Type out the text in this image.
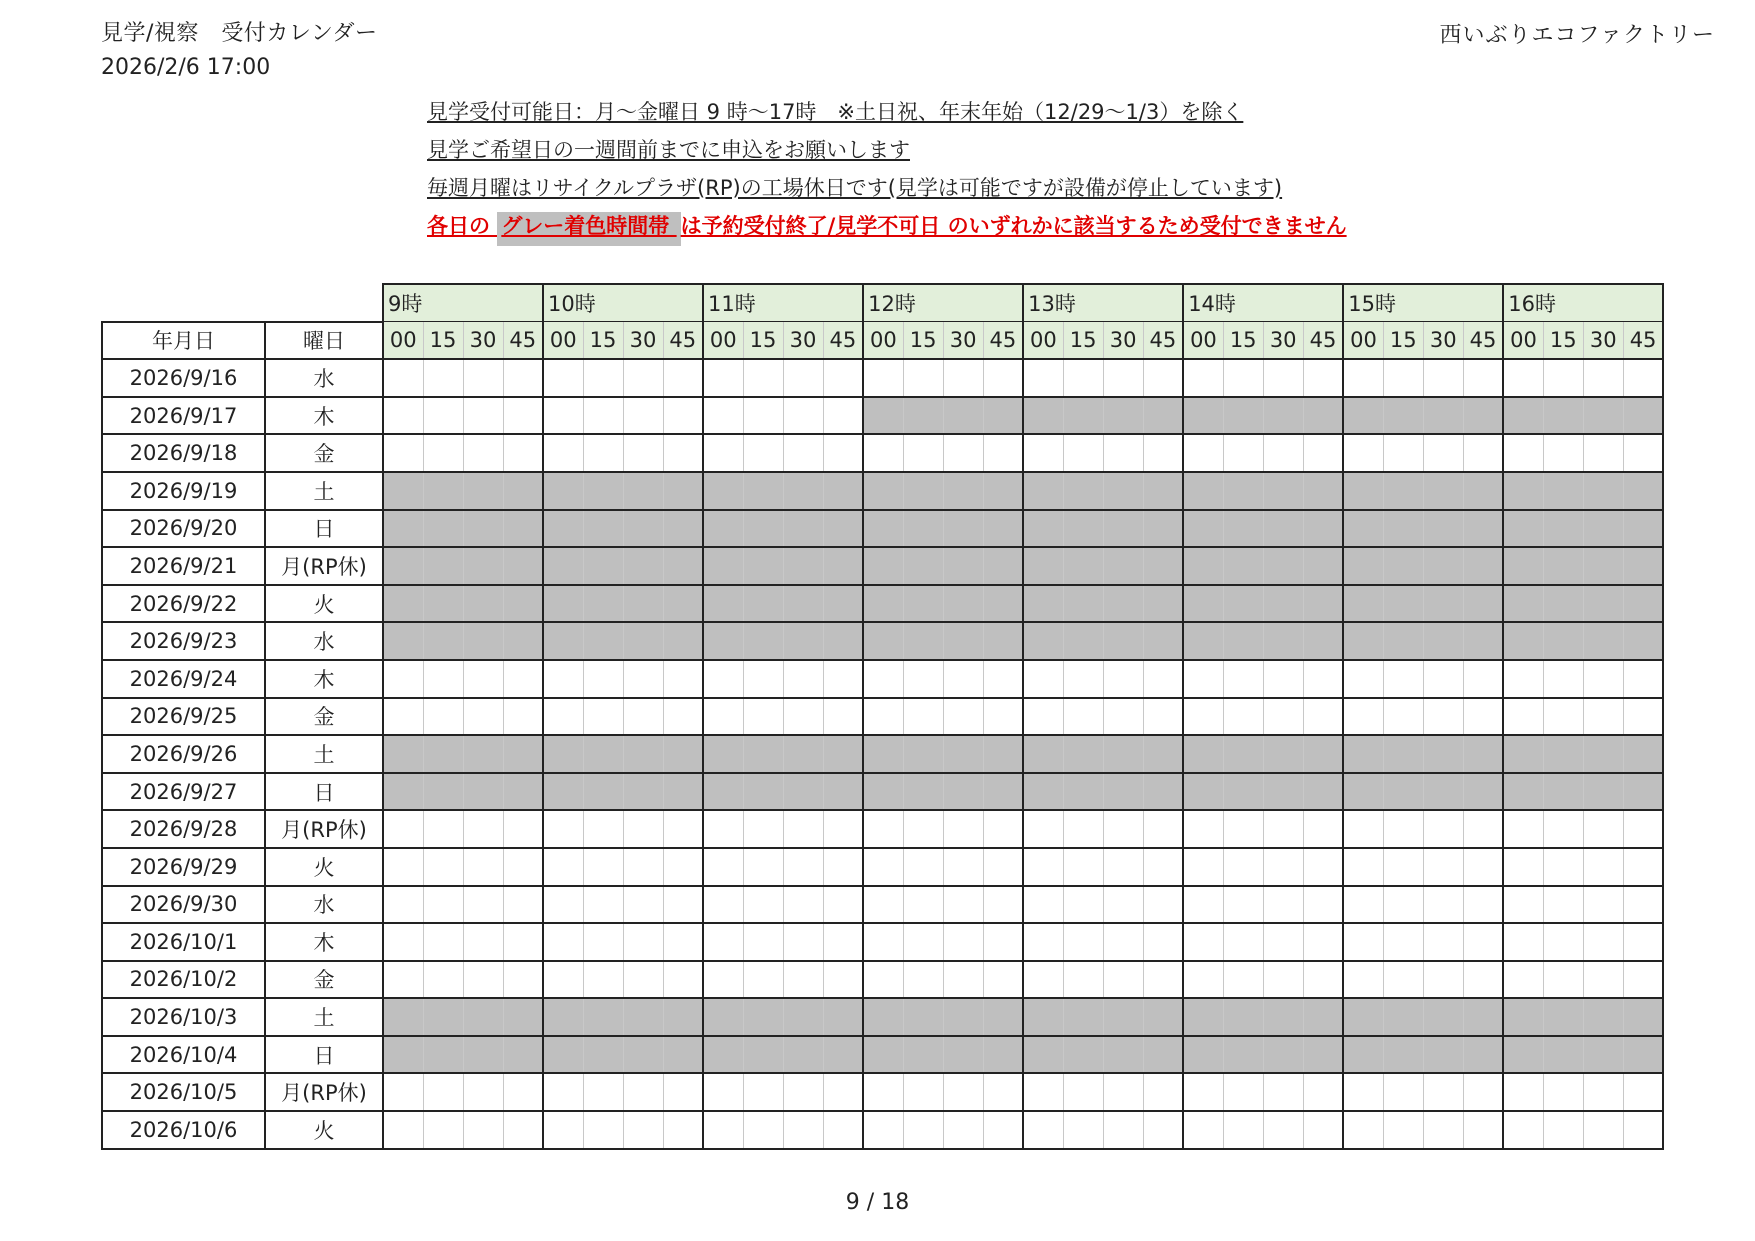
見学/視察　受付カレンダー
2026/2/6 17:00
西いぶりエコファクトリー
見学受付可能日：月～金曜日 9 時～17時　※土日祝、年末年始（12/29～1/3）を除く
見学ご希望日の一週間前までに申込をお願いします
毎週月曜はリサイクルプラザ(RP)の工場休日です(見学は可能ですが設備が停止しています)
各日の グレー着色時間帯 は予約受付終了/見学不可日 のいずれかに該当するため受付できません
		9時				10時				11時				12時				13時				14時				15時				16時			
年月日	曜日	00	15	30	45	00	15	30	45	00	15	30	45	00	15	30	45	00	15	30	45	00	15	30	45	00	15	30	45	00	15	30	45
2026/9/16	水																																
2026/9/17	木																																
2026/9/18	金																																
2026/9/19	土																																
2026/9/20	日																																
2026/9/21	月(RP休)																																
2026/9/22	火																																
2026/9/23	水																																
2026/9/24	木																																
2026/9/25	金																																
2026/9/26	土																																
2026/9/27	日																																
2026/9/28	月(RP休)																																
2026/9/29	火																																
2026/9/30	水																																
2026/10/1	木																																
2026/10/2	金																																
2026/10/3	土																																
2026/10/4	日																																
2026/10/5	月(RP休)																																
2026/10/6	火																																
9 / 18
